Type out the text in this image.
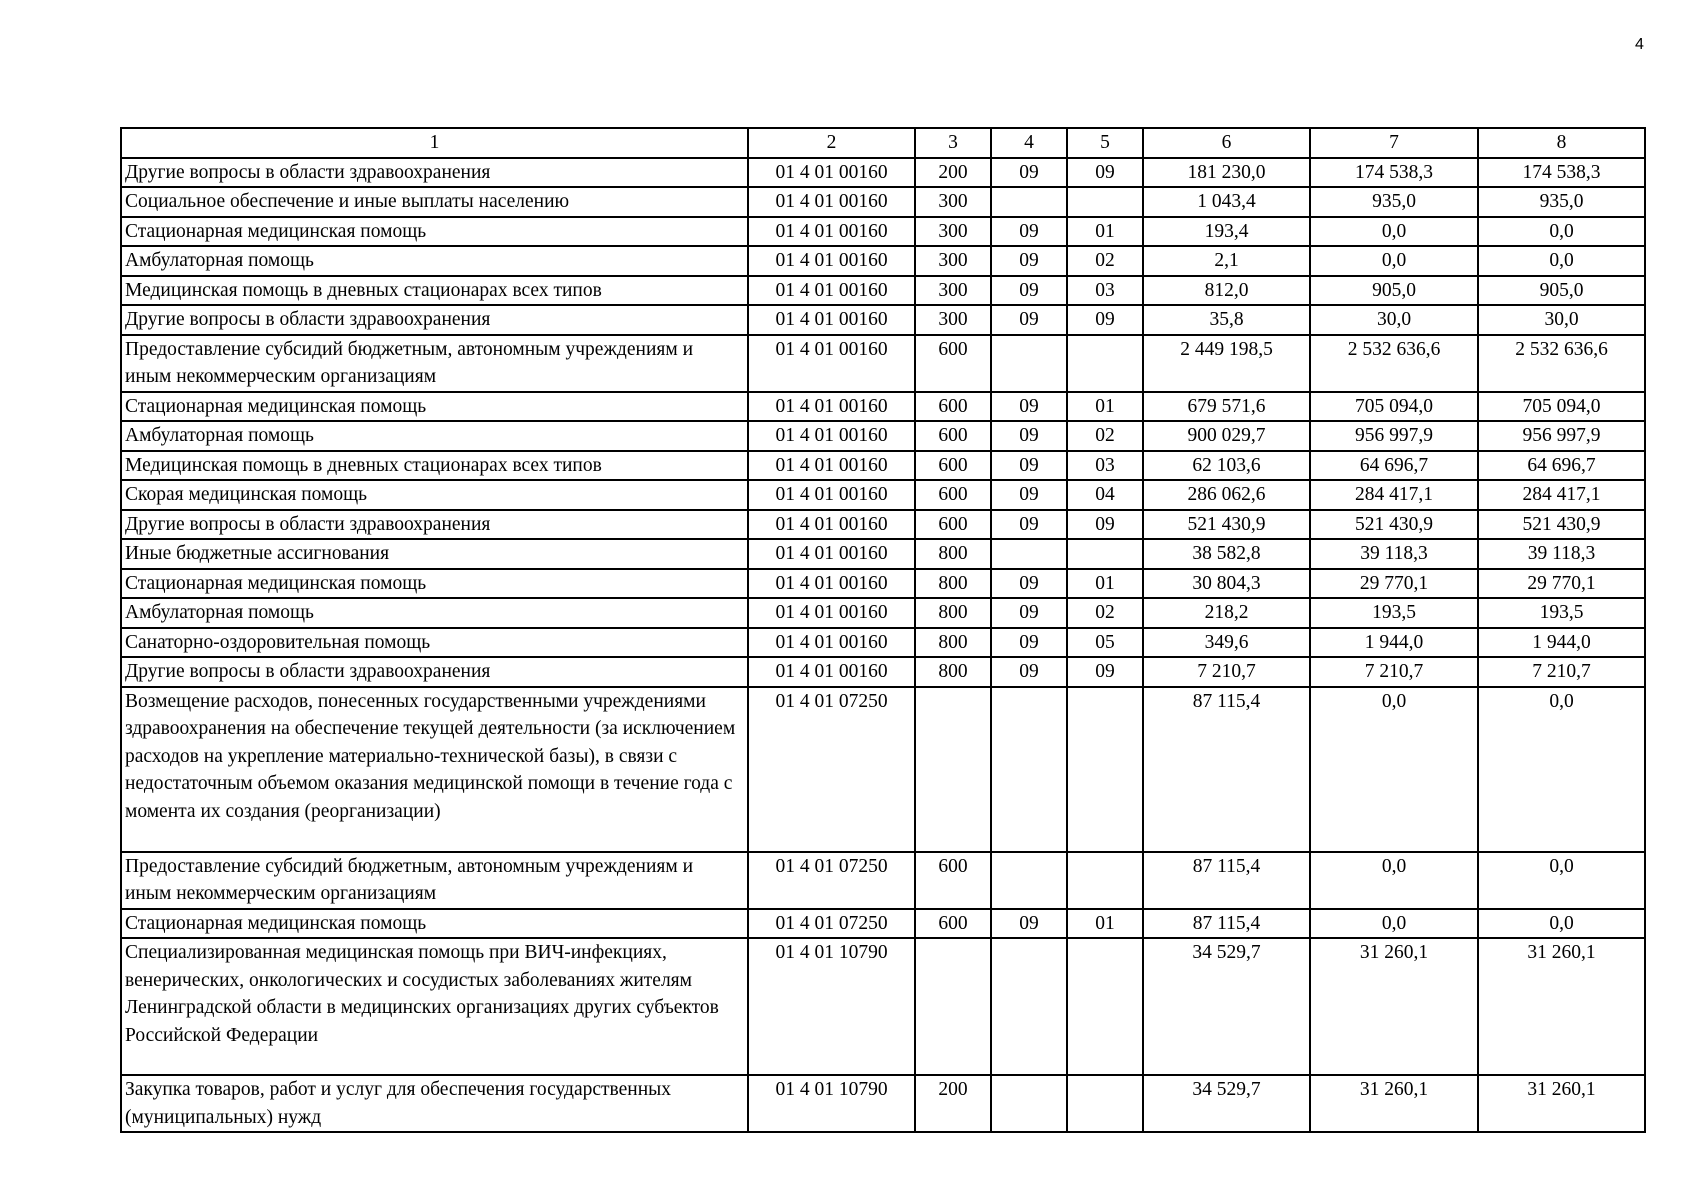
4
1	2	3	4	5	6	7	8
Другие вопросы в области здравоохранения	01 4 01 00160	200	09	09	181 230,0	174 538,3	174 538,3
Социальное обеспечение и иные выплаты населению	01 4 01 00160	300			1 043,4	935,0	935,0
Стационарная медицинская помощь	01 4 01 00160	300	09	01	193,4	0,0	0,0
Амбулаторная помощь	01 4 01 00160	300	09	02	2,1	0,0	0,0
Медицинская помощь в дневных стационарах всех типов	01 4 01 00160	300	09	03	812,0	905,0	905,0
Другие вопросы в области здравоохранения	01 4 01 00160	300	09	09	35,8	30,0	30,0
Предоставление субсидий бюджетным, автономным учреждениям и иным некоммерческим организациям	01 4 01 00160	600			2 449 198,5	2 532 636,6	2 532 636,6
Стационарная медицинская помощь	01 4 01 00160	600	09	01	679 571,6	705 094,0	705 094,0
Амбулаторная помощь	01 4 01 00160	600	09	02	900 029,7	956 997,9	956 997,9
Медицинская помощь в дневных стационарах всех типов	01 4 01 00160	600	09	03	62 103,6	64 696,7	64 696,7
Скорая медицинская помощь	01 4 01 00160	600	09	04	286 062,6	284 417,1	284 417,1
Другие вопросы в области здравоохранения	01 4 01 00160	600	09	09	521 430,9	521 430,9	521 430,9
Иные бюджетные ассигнования	01 4 01 00160	800			38 582,8	39 118,3	39 118,3
Стационарная медицинская помощь	01 4 01 00160	800	09	01	30 804,3	29 770,1	29 770,1
Амбулаторная помощь	01 4 01 00160	800	09	02	218,2	193,5	193,5
Санаторно-оздоровительная помощь	01 4 01 00160	800	09	05	349,6	1 944,0	1 944,0
Другие вопросы в области здравоохранения	01 4 01 00160	800	09	09	7 210,7	7 210,7	7 210,7
Возмещение расходов, понесенных государственными учреждениями здравоохранения на обеспечение текущей деятельности (за исключением расходов на укрепление материально-технической базы), в связи с недостаточным объемом оказания медицинской помощи в течение года с момента их создания (реорганизации)	01 4 01 07250				87 115,4	0,0	0,0
Предоставление субсидий бюджетным, автономным учреждениям и иным некоммерческим организациям	01 4 01 07250	600			87 115,4	0,0	0,0
Стационарная медицинская помощь	01 4 01 07250	600	09	01	87 115,4	0,0	0,0
Специализированная медицинская помощь при ВИЧ-инфекциях, венерических, онкологических и сосудистых заболеваниях жителям Ленинградской области в медицинских организациях других субъектов Российской Федерации	01 4 01 10790				34 529,7	31 260,1	31 260,1
Закупка товаров, работ и услуг для обеспечения государственных (муниципальных) нужд	01 4 01 10790	200			34 529,7	31 260,1	31 260,1
